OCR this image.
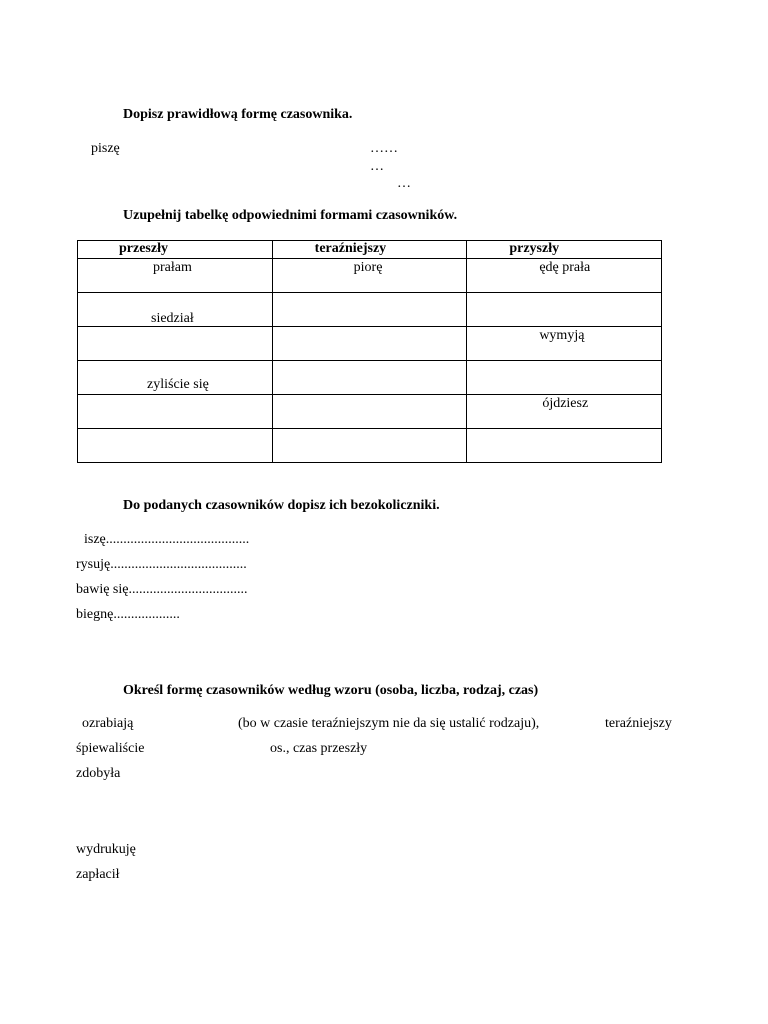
Dopisz prawidłową formę czasownika.
piszę	……
…
…
Uzupełnij tabelkę odpowiednimi formami czasowników.
przeszły	teraźniejszy	przyszły

prałam	piorę	ędę prała

siedział		

		wymyją

zyliście się		

		ójdziesz

Do podanych czasowników dopisz ich bezokoliczniki.
iszę.........................................
rysuję.......................................
bawię się..................................
biegnę...................
Określ formę czasowników według wzoru (osoba, liczba, rodzaj, czas)
ozrabiają	(bo w czasie teraźniejszym nie da się ustalić rodzaju),	teraźniejszy
śpiewaliście	os., czas przeszły
zdobyła
wydrukuję
zapłacił
